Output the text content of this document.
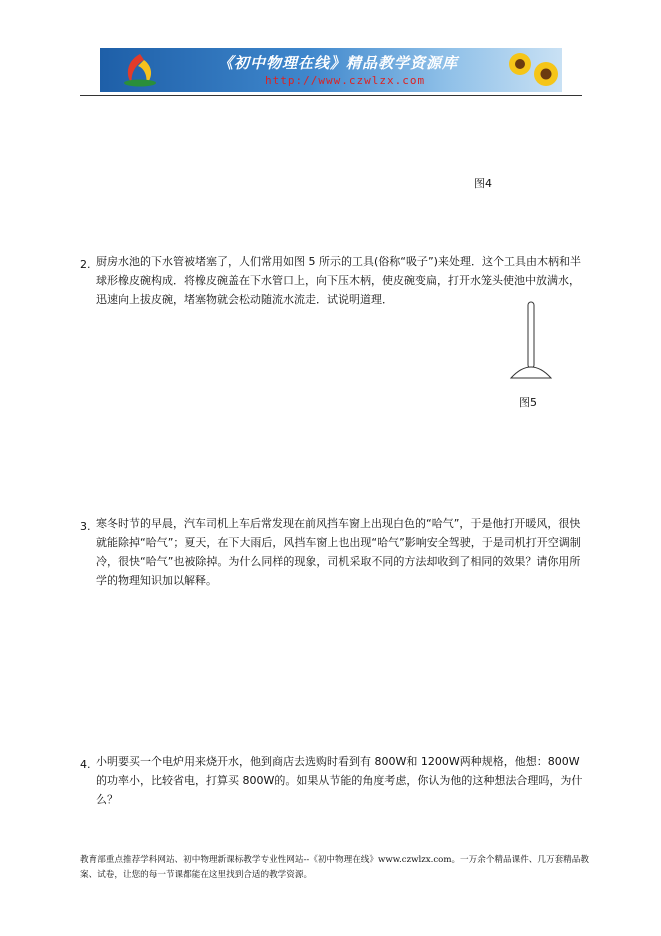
《初中物理在线》精品教学资源库
http://www.czwlzx.com
图4
2. 厨房水池的下水管被堵塞了，人们常用如图 5 所示的工具(俗称“吸子”)来处理．这个工具由木柄和半球形橡皮碗构成．将橡皮碗盖在下水管口上，向下压木柄，使皮碗变扁，打开水笼头使池中放满水，迅速向上拔皮碗，堵塞物就会松动随流水流走．试说明道理．
图5
3. 寒冬时节的早晨，汽车司机上车后常发现在前风挡车窗上出现白色的“哈气”，于是他打开暖风，很快就能除掉“哈气”；夏天，在下大雨后，风挡车窗上也出现“哈气”影响安全驾驶，于是司机打开空调制冷，很快“哈气”也被除掉。为什么同样的现象，司机采取不同的方法却收到了相同的效果？请你用所学的物理知识加以解释。
4. 小明要买一个电炉用来烧开水，他到商店去选购时看到有 800W和 1200W两种规格，他想：800W的功率小，比较省电，打算买 800W的。如果从节能的角度考虑，你认为他的这种想法合理吗，为什么？
教育部重点推荐学科网站、初中物理新课标教学专业性网站--《初中物理在线》www.czwlzx.com。一万余个精品课件、几万套精品教案、试卷，让您的每一节课都能在这里找到合适的教学资源。
